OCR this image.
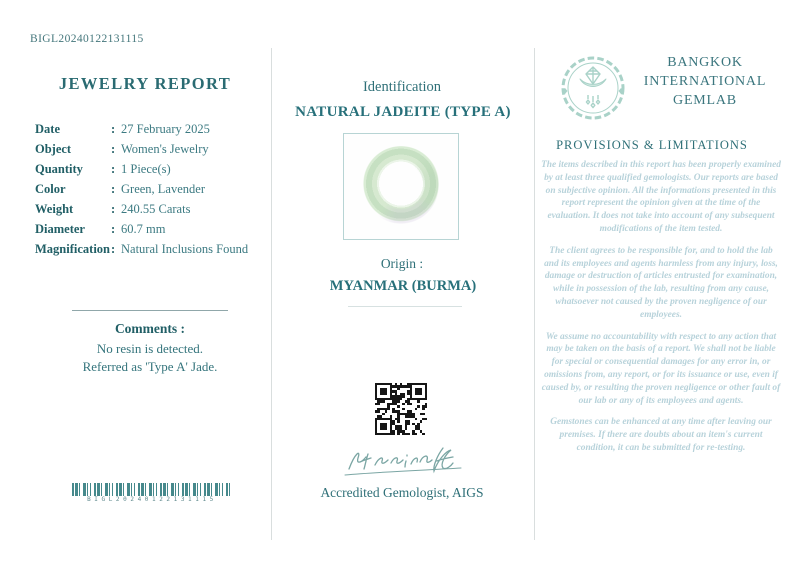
BIGL20240122131115
JEWELRY REPORT
Date	: 27 February 2025
Object	: Women's Jewelry
Quantity	: 1 Piece(s)
Color	: Green, Lavender
Weight	: 240.55 Carats
Diameter	: 60.7 mm
Magnification : Natural Inclusions Found
Comments :
No resin is detected.
Referred as 'Type A' Jade.
BIGL20240122131115
Identification
NATURAL JADEITE (TYPE A)
Origin :
MYANMAR (BURMA)
Accredited Gemologist, AIGS
BANGKOK
INTERNATIONAL
GEMLAB
PROVISIONS & LIMITATIONS

The items described in this report has been properly examined by at least three qualified gemologists. Our reports are based on subjective opinion. All the informations presented in this report represent the opinion given at the time of the evaluation. It does not take into account of any subsequent modifications of the item tested.

The client agrees to be responsible for, and to hold the lab and its employees and agents harmless from any injury, loss, damage or destruction of articles entrusted for examination, while in possession of the lab, resulting from any cause, whatsoever not caused by the proven negligence of our employees.

We assume no accountability with respect to any action that may be taken on the basis of a report. We shall not be liable for special or consequential damages for any error in, or omissions from, any report, or for its issuance or use, even if caused by, or resulting the proven negligence or other fault of our lab or any of its employees and agents.

Gemstones can be enhanced at any time after leaving our premises. If there are doubts about an item's current condition, it can be submitted for re-testing.
